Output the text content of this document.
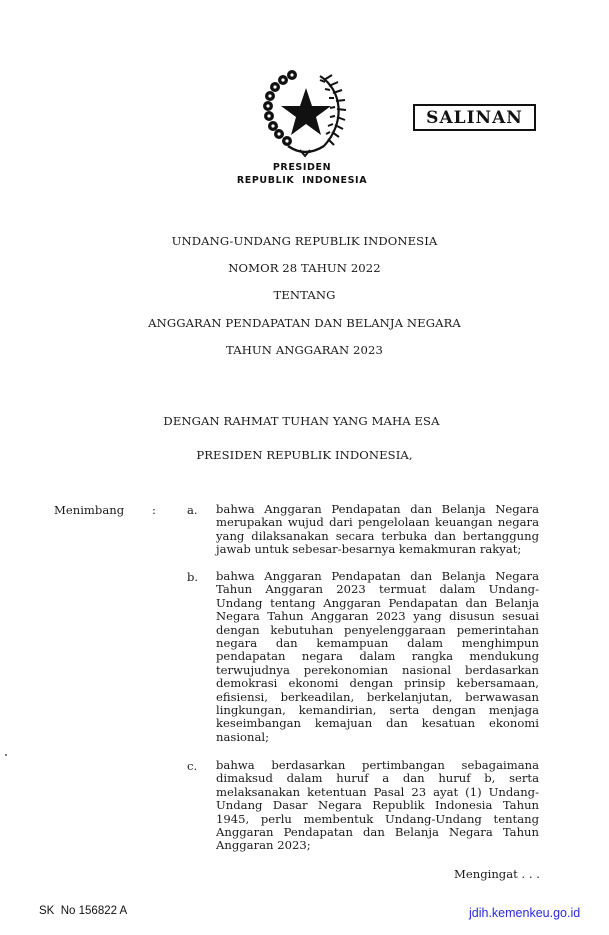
PRESIDEN
REPUBLIK  INDONESIA
SALINAN
UNDANG-UNDANG REPUBLIK INDONESIA
NOMOR 28 TAHUN 2022
TENTANG
ANGGARAN PENDAPATAN DAN BELANJA NEGARA
TAHUN ANGGARAN 2023
DENGAN RAHMAT TUHAN YANG MAHA ESA
PRESIDEN REPUBLIK INDONESIA,
Menimbang :	a. bahwa Anggaran Pendapatan dan Belanja Negara
merupakan wujud dari pengelolaan keuangan negara
yang dilaksanakan secara terbuka dan bertanggung
jawab untuk sebesar-besarnya kemakmuran rakyat;
b. bahwa Anggaran Pendapatan dan Belanja Negara
Tahun Anggaran 2023 termuat dalam Undang-
Undang tentang Anggaran Pendapatan dan Belanja
Negara Tahun Anggaran 2023 yang disusun sesuai
dengan kebutuhan penyelenggaraan pemerintahan
negara dan kemampuan dalam menghimpun
pendapatan negara dalam rangka mendukung
terwujudnya perekonomian nasional berdasarkan
demokrasi ekonomi dengan prinsip kebersamaan,
efisiensi, berkeadilan, berkelanjutan, berwawasan
lingkungan, kemandirian, serta dengan menjaga
keseimbangan kemajuan dan kesatuan ekonomi
nasional;
c. bahwa berdasarkan pertimbangan sebagaimana
dimaksud dalam huruf a dan huruf b, serta
melaksanakan ketentuan Pasal 23 ayat (1) Undang-
Undang Dasar Negara Republik Indonesia Tahun
1945, perlu membentuk Undang-Undang tentang
Anggaran Pendapatan dan Belanja Negara Tahun
Anggaran 2023;
Mengingat . . .
SK  No 156822 A	jdih.kemenkeu.go.id
